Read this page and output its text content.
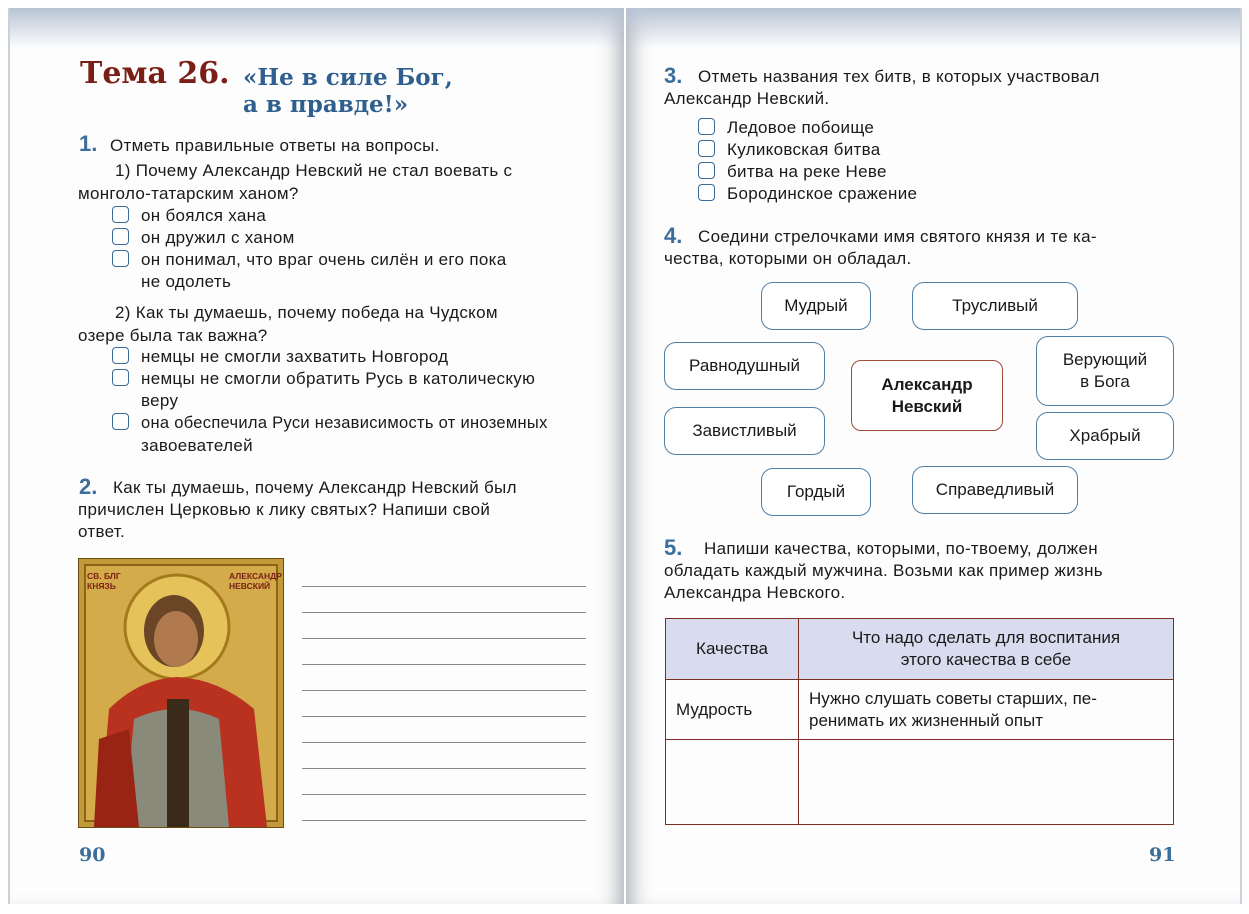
Тема 26. «Не в силе Бог,
а в правде!»
1. Отметь правильные ответы на вопросы.
1) Почему Александр Невский не стал воевать с
монголо-татарским ханом?
он боялся хана
он дружил с ханом
он понимал, что враг очень силён и его пока
не одолеть
2) Как ты думаешь, почему победа на Чудском
озере была так важна?
немцы не смогли захватить Новгород
немцы не смогли обратить Русь в католическую
веру
она обеспечила Руси независимость от иноземных
завоевателей
2. Как ты думаешь, почему Александр Невский был
причислен Церковью к лику святых? Напиши свой
ответ.
СВ. БЛГ КНЯЗЬ
АЛЕКСАНДР НЕВСКИЙ
90
3. Отметь названия тех битв, в которых участвовал
Александр Невский.
Ледовое побоище
Куликовская битва
битва на реке Неве
Бородинское сражение
4. Соедини стрелочками имя святого князя и те ка-
чества, которыми он обладал.
Мудрый	Трусливый
Равнодушный	Верующий
в Бога
Александр
Невский
Завистливый	Храбрый
Гордый	Справедливый
5. Напиши качества, которыми, по-твоему, должен
обладать каждый мужчина. Возьми как пример жизнь
Александра Невского.
Качества	Что надо сделать для воспитания
этого качества в себе

Мудрость	Нужно слушать советы старших, пе-
ренимать их жизненный опыт

91
